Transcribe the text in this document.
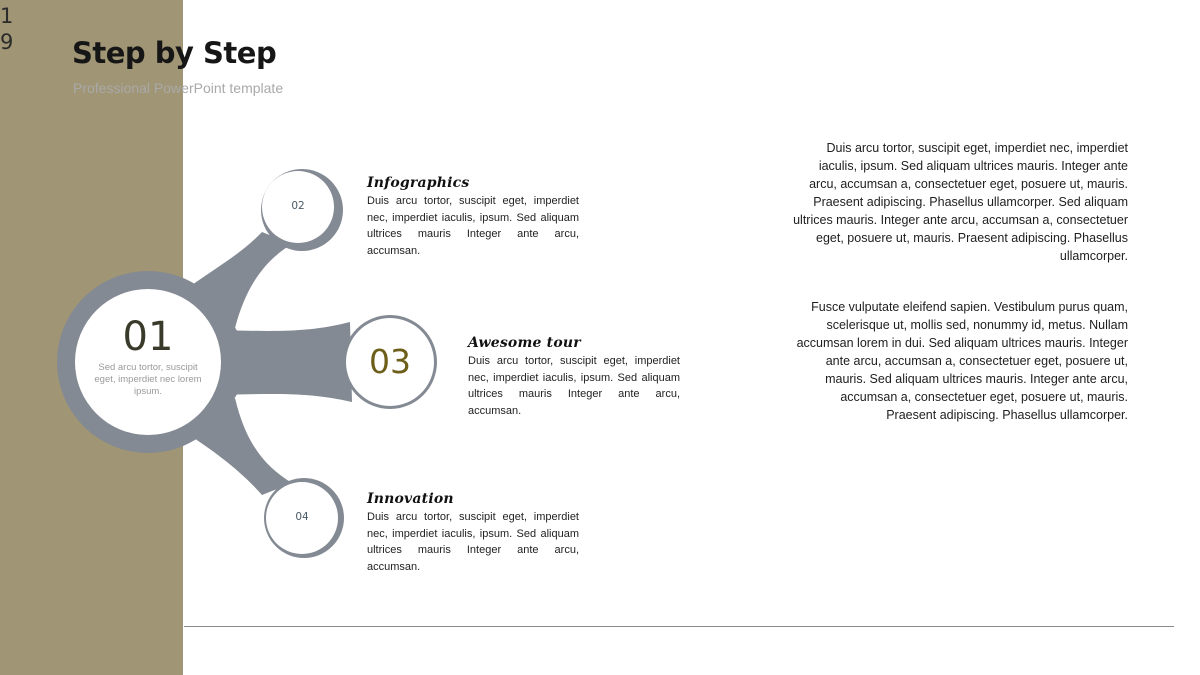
19 Step by Step
Professional PowerPoint template
01
Sed arcu tortor, suscipit eget, imperdiet nec lorem ipsum.
02
03
04
Infographics
Duis arcu tortor, suscipit eget, imperdiet nec, imperdiet iaculis, ipsum. Sed aliquam ultrices mauris Integer ante arcu, accumsan.
Awesome tour
Duis arcu tortor, suscipit eget, imperdiet nec, imperdiet iaculis, ipsum. Sed aliquam ultrices mauris Integer ante arcu, accumsan.
Innovation
Duis arcu tortor, suscipit eget, imperdiet nec, imperdiet iaculis, ipsum. Sed aliquam ultrices mauris Integer ante arcu, accumsan.
Duis arcu tortor, suscipit eget, imperdiet nec, imperdiet iaculis, ipsum. Sed aliquam ultrices mauris. Integer ante arcu, accumsan a, consectetuer eget, posuere ut, mauris. Praesent adipiscing. Phasellus ullamcorper. Sed aliquam ultrices mauris. Integer ante arcu, accumsan a, consectetuer eget, posuere ut, mauris. Praesent adipiscing. Phasellus ullamcorper.
Fusce vulputate eleifend sapien. Vestibulum purus quam, scelerisque ut, mollis sed, nonummy id, metus. Nullam accumsan lorem in dui. Sed aliquam ultrices mauris. Integer ante arcu, accumsan a, consectetuer eget, posuere ut, mauris. Sed aliquam ultrices mauris. Integer ante arcu, accumsan a, consectetuer eget, posuere ut, mauris. Praesent adipiscing. Phasellus ullamcorper.
